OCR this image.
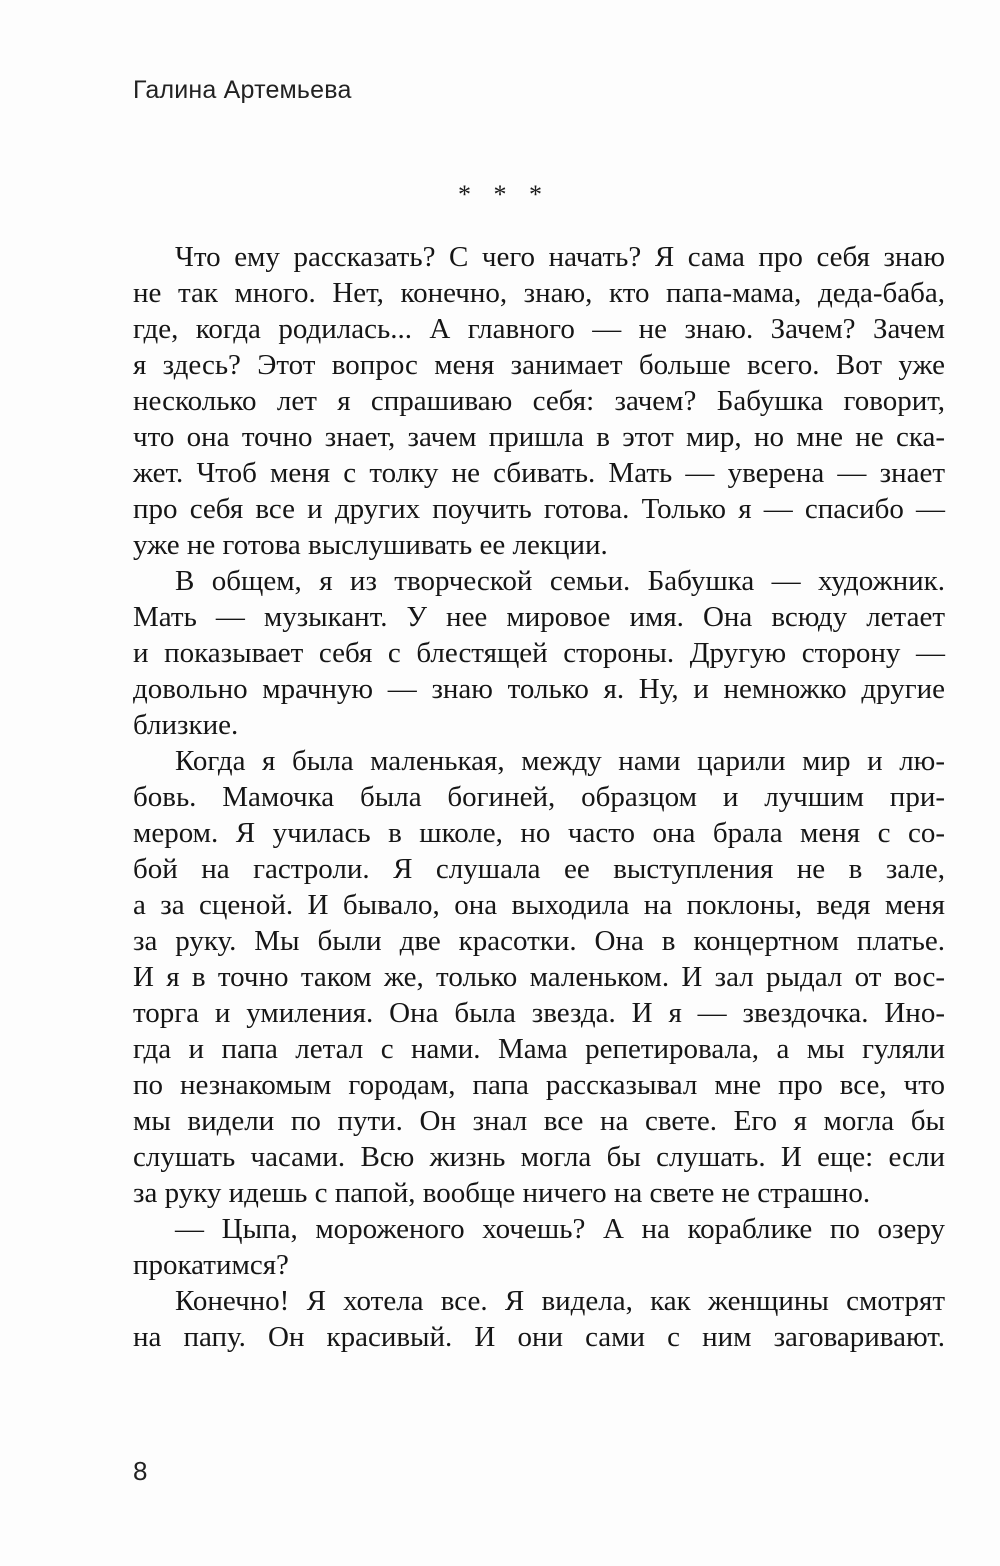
Галина Артемьева
* * *

Что ему рассказать? С чего начать? Я сама про себя знаю
не так много. Нет, конечно, знаю, кто папа-мама, деда-баба,
где, когда родилась... А главного — не знаю. Зачем? Зачем
я здесь? Этот вопрос меня занимает больше всего. Вот уже
несколько лет я спрашиваю себя: зачем? Бабушка говорит,
что она точно знает, зачем пришла в этот мир, но мне не ска-
жет. Чтоб меня с толку не сбивать. Мать — уверена — знает
про себя все и других поучить готова. Только я — спасибо —
уже не готова выслушивать ее лекции.

В общем, я из творческой семьи. Бабушка — художник.
Мать — музыкант. У нее мировое имя. Она всюду летает
и показывает себя с блестящей стороны. Другую сторону —
довольно мрачную — знаю только я. Ну, и немножко другие
близкие.

Когда я была маленькая, между нами царили мир и лю-
бовь. Мамочка была богиней, образцом и лучшим при-
мером. Я училась в школе, но часто она брала меня с со-
бой на гастроли. Я слушала ее выступления не в зале,
а за сценой. И бывало, она выходила на поклоны, ведя меня
за руку. Мы были две красотки. Она в концертном платье.
И я в точно таком же, только маленьком. И зал рыдал от вос-
торга и умиления. Она была звезда. И я — звездочка. Ино-
гда и папа летал с нами. Мама репетировала, а мы гуляли
по незнакомым городам, папа рассказывал мне про все, что
мы видели по пути. Он знал все на свете. Его я могла бы
слушать часами. Всю жизнь могла бы слушать. И еще: если
за руку идешь с папой, вообще ничего на свете не страшно.

— Цыпа, мороженого хочешь? А на кораблике по озеру
прокатимся?

Конечно! Я хотела все. Я видела, как женщины смотрят
на папу. Он красивый. И они сами с ним заговаривают.

8
